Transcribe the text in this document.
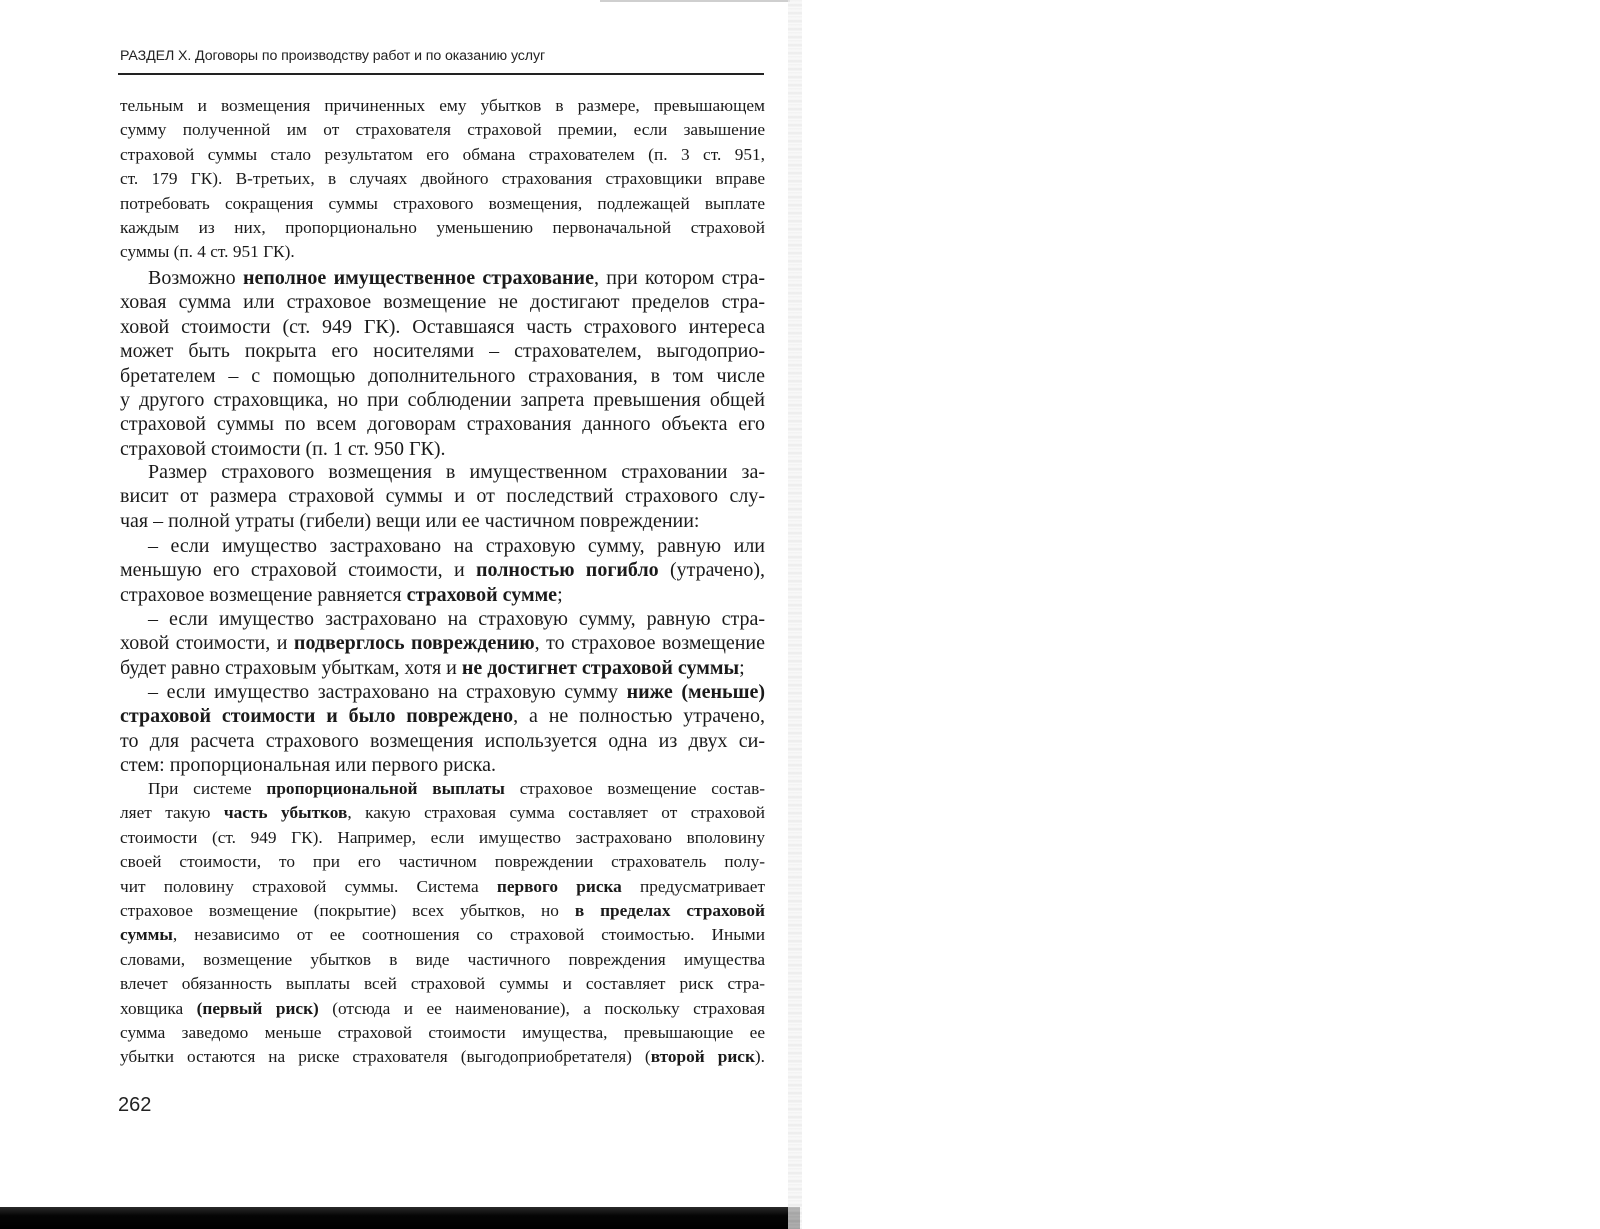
РАЗДЕЛ X. Договоры по производству работ и по оказанию услуг
тельным и возмещения причиненных ему убытков в размере, превышающем
сумму полученной им от страхователя страховой премии, если завышение
страховой суммы стало результатом его обмана страхователем (п. 3 ст. 951,
ст. 179 ГК). В-третьих, в случаях двойного страхования страховщики вправе
потребовать сокращения суммы страхового возмещения, подлежащей выплате
каждым из них, пропорционально уменьшению первоначальной страховой
суммы (п. 4 ст. 951 ГК).
Возможно неполное имущественное страхование, при котором стра-
ховая сумма или страховое возмещение не достигают пределов стра-
ховой стоимости (ст. 949 ГК). Оставшаяся часть страхового интереса
может быть покрыта его носителями – страхователем, выгодоприо-
бретателем – с помощью дополнительного страхования, в том числе
у другого страховщика, но при соблюдении запрета превышения общей
страховой суммы по всем договорам страхования данного объекта его
страховой стоимости (п. 1 ст. 950 ГК).
Размер страхового возмещения в имущественном страховании за-
висит от размера страховой суммы и от последствий страхового слу-
чая – полной утраты (гибели) вещи или ее частичном повреждении:
– если имущество застраховано на страховую сумму, равную или
меньшую его страховой стоимости, и полностью погибло (утрачено),
страховое возмещение равняется страховой сумме;
– если имущество застраховано на страховую сумму, равную стра-
ховой стоимости, и подверглось повреждению, то страховое возмещение
будет равно страховым убыткам, хотя и не достигнет страховой суммы;
– если имущество застраховано на страховую сумму ниже (меньше)
страховой стоимости и было повреждено, а не полностью утрачено,
то для расчета страхового возмещения используется одна из двух си-
стем: пропорциональная или первого риска.
При системе пропорциональной выплаты страховое возмещение состав-
ляет такую часть убытков, какую страховая сумма составляет от страховой
стоимости (ст. 949 ГК). Например, если имущество застраховано вполовину
своей стоимости, то при его частичном повреждении страхователь полу-
чит половину страховой суммы. Система первого риска предусматривает
страховое возмещение (покрытие) всех убытков, но в пределах страховой
суммы, независимо от ее соотношения со страховой стоимостью. Иными
словами, возмещение убытков в виде частичного повреждения имущества
влечет обязанность выплаты всей страховой суммы и составляет риск стра-
ховщика (первый риск) (отсюда и ее наименование), а поскольку страховая
сумма заведомо меньше страховой стоимости имущества, превышающие ее
убытки остаются на риске страхователя (выгодоприобретателя) (второй риск).
262
